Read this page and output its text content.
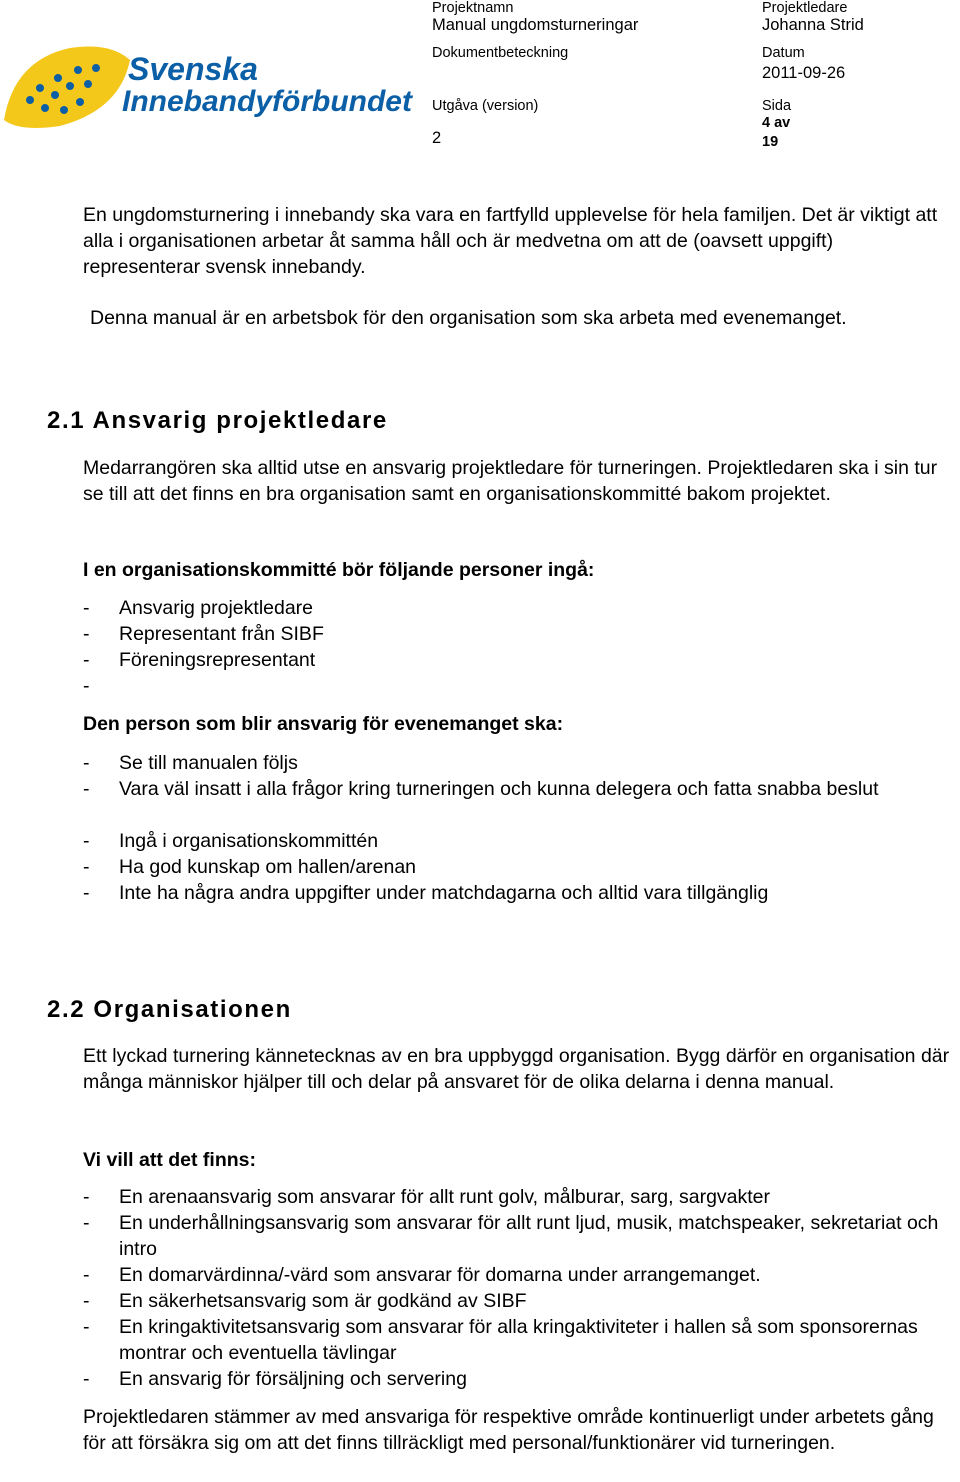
Svenska
Innebandyförbundet
Projektnamn
Manual ungdomsturneringar
Projektledare
Johanna Strid
Dokumentbeteckning	Datum
2011-09-26
Utgåva (version)
2
Sida
4 av
19

En ungdomsturnering i innebandy ska vara en fartfylld upplevelse för hela familjen. Det är viktigt att alla i organisationen arbetar åt samma håll och är medvetna om att de (oavsett uppgift) representerar svensk innebandy.

Denna manual är en arbetsbok för den organisation som ska arbeta med evenemanget.

2.1 Ansvarig projektledare

Medarrangören ska alltid utse en ansvarig projektledare för turneringen. Projektledaren ska i sin tur se till att det finns en bra organisation samt en organisationskommitté bakom projektet.

I en organisationskommitté bör följande personer ingå:

- Ansvarig projektledare
- Representant från SIBF
- Föreningsrepresentant
-

Den person som blir ansvarig för evenemanget ska:

- Se till manualen följs
- Vara väl insatt i alla frågor kring turneringen och kunna delegera och fatta snabba beslut
- Ingå i organisationskommittén
- Ha god kunskap om hallen/arenan
- Inte ha några andra uppgifter under matchdagarna och alltid vara tillgänglig
2.2 Organisationen

Ett lyckad turnering kännetecknas av en bra uppbyggd organisation. Bygg därför en organisation där många människor hjälper till och delar på ansvaret för de olika delarna i denna manual.

Vi vill att det finns:

- En arenaansvarig som ansvarar för allt runt golv, målburar, sarg, sargvakter
- En underhållningsansvarig som ansvarar för allt runt ljud, musik, matchspeaker, sekretariat och intro
- En domarvärdinna/-värd som ansvarar för domarna under arrangemanget.
- En säkerhetsansvarig som är godkänd av SIBF
- En kringaktivitetsansvarig som ansvarar för alla kringaktiviteter i hallen så som sponsorernas montrar och eventuella tävlingar
- En ansvarig för försäljning och servering

Projektledaren stämmer av med ansvariga för respektive område kontinuerligt under arbetets gång för att försäkra sig om att det finns tillräckligt med personal/funktionärer vid turneringen.
